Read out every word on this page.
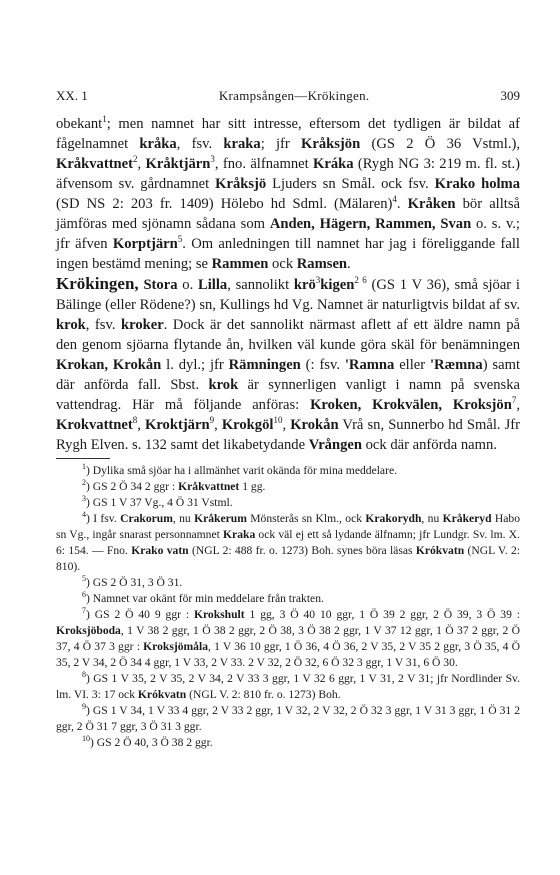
XX. 1	Krampsången—Krökingen.	309

obekant$^1$; men namnet har sitt intresse, eftersom det tydligen är bildat af fågelnamnet kråka, fsv. kraka; jfr Kråksjön (GS 2 Ö 36 Vstml.), Kråkvattnet$^2$, Kråktjärn$^3$, fno. älfnamnet Kráka (Rygh NG 3: 219 m. fl. st.) äfvensom sv. gårdnamnet Kråksjö Ljuders sn Smål. ock fsv. Krako holma (SD NS 2: 203 fr. 1409) Hölebo hd Sdml. (Mälaren)$^4$. Kråken bör alltså jämföras med sjönamn sådana som Anden, Hägern, Rammen, Svan o. s. v.; jfr äfven Korptjärn$^5$. Om anledningen till namnet har jag i föreliggande fall ingen bestämd mening; se Rammen ock Ramsen.

Krökingen, Stora o. Lilla, sannolikt krö$^3$kigen$^{2 6}$ (GS 1 V 36), små sjöar i Bälinge (eller Rödene?) sn, Kullings hd Vg. Namnet är naturligtvis bildat af sv. krok, fsv. kroker. Dock är det sannolikt närmast aflett af ett äldre namn på den genom sjöarna flytande ån, hvilken väl kunde göra skäl för benämningen Krokan, Krokån l. dyl.; jfr Rämningen (: fsv. 'Ramna eller 'Ræmna) samt där anförda fall. Sbst. krok är synnerligen vanligt i namn på svenska vattendrag. Här må följande anföras: Kroken, Krokvälen, Kroksjön$^7$, Krokvattnet$^8$, Kroktjärn$^9$, Krokgöl$^{10}$, Krokån Vrå sn, Sunnerbo hd Smål. Jfr Rygh Elven. s. 132 samt det likabetydande Vrången ock där anförda namn.

$^1$) Dylika små sjöar ha i allmänhet varit okända för mina meddelare.

$^2$) GS 2 Ö 34 2 ggr : Kråkvattnet 1 gg.

$^3$) GS 1 V 37 Vg., 4 Ö 31 Vstml.

$^4$) I fsv. Crakorum, nu Kråkerum Mönsterås sn Klm., ock Krakorydh, nu Kråkeryd Habo sn Vg., ingår snarast personnamnet Kraka ock väl ej ett så lydande älfnamn; jfr Lundgr. Sv. lm. X. 6: 154. — Fno. Krako vatn (NGL 2: 488 fr. o. 1273) Boh. synes böra läsas Krókvatn (NGL V. 2: 810).

$^5$) GS 2 Ö 31, 3 Ö 31.

$^6$) Namnet var okänt för min meddelare från trakten.

$^7$) GS 2 Ö 40 9 ggr : Krokshult 1 gg, 3 Ö 40 10 ggr, 1 Ö 39 2 ggr, 2 Ö 39, 3 Ö 39 : Kroksjöboda, 1 V 38 2 ggr, 1 Ö 38 2 ggr, 2 Ö 38, 3 Ö 38 2 ggr, 1 V 37 12 ggr, 1 Ö 37 2 ggr, 2 Ö 37, 4 Ö 37 3 ggr : Kroksjömåla, 1 V 36 10 ggr, 1 Ö 36, 4 Ö 36, 2 V 35, 2 V 35 2 ggr, 3 Ö 35, 4 Ö 35, 2 V 34, 2 Ö 34 4 ggr, 1 V 33, 2 V 33. 2 V 32, 2 Ö 32, 6 Ö 32 3 ggr, 1 V 31, 6 Ö 30.

$^8$) GS 1 V 35, 2 V 35, 2 V 34, 2 V 33 3 ggr, 1 V 32 6 ggr, 1 V 31, 2 V 31; jfr Nordlinder Sv. lm. VI. 3: 17 ock Krókvatn (NGL V. 2: 810 fr. o. 1273) Boh.

$^9$) GS 1 V 34, 1 V 33 4 ggr, 2 V 33 2 ggr, 1 V 32, 2 V 32, 2 Ö 32 3 ggr, 1 V 31 3 ggr, 1 Ö 31 2 ggr, 2 Ö 31 7 ggr, 3 Ö 31 3 ggr.

$^{10}$) GS 2 Ö 40, 3 Ö 38 2 ggr.
